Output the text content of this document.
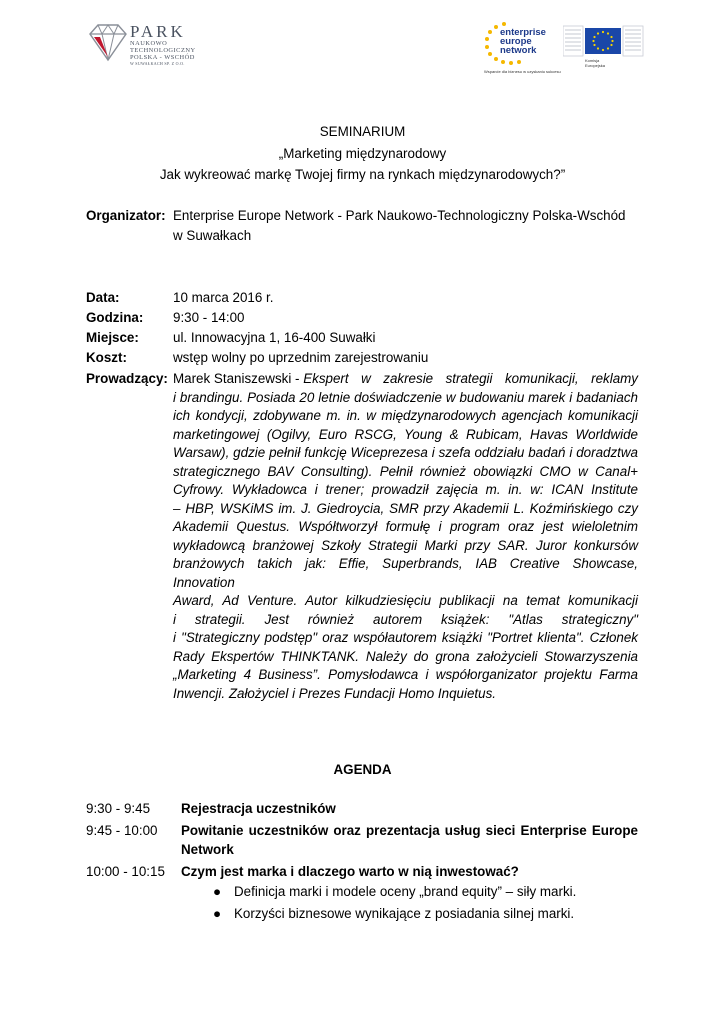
PARK
NAUKOWO
TECHNOLOGICZNY
POLSKA - WSCHÓD
W SUWAŁKACH SP. Z O.O.
enterprise
europe
network
Wsparcie dla biznesu w uzyskaniu sukcesu
Komisja
Europejska
SEMINARIUM
„Marketing międzynarodowy
Jak wykreować markę Twojej firmy na rynkach międzynarodowych?”
Organizator: Enterprise Europe Network - Park Naukowo-Technologiczny Polska-Wschód
w Suwałkach
Data:	10 marca 2016 r.
Godzina: 9:30 - 14:00
Miejsce:	ul. Innowacyjna 1, 16-400 Suwałki
Koszt:	wstęp wolny po uprzednim zarejestrowaniu
Prowadzący: Marek Staniszewski - Ekspert w zakresie strategii komunikacji, reklamy
i brandingu. Posiada 20 letnie doświadczenie w budowaniu marek i badaniach
ich kondycji, zdobywane m. in. w międzynarodowych agencjach komunikacji
marketingowej (Ogilvy, Euro RSCG, Young & Rubicam, Havas Worldwide
Warsaw), gdzie pełnił funkcję Wiceprezesa i szefa oddziału badań i doradztwa
strategicznego BAV Consulting). Pełnił również obowiązki CMO w Canal+
Cyfrowy. Wykładowca i trener; prowadził zajęcia m. in. w: ICAN Institute
– HBP, WSKiMS im. J. Giedroycia, SMR przy Akademii L. Koźmińskiego czy
Akademii Questus. Współtworzył formułę i program oraz jest wieloletnim
wykładowcą branżowej Szkoły Strategii Marki przy SAR. Juror konkursów
branżowych takich jak: Effie, Superbrands, IAB Creative Showcase, Innovation
Award, Ad Venture. Autor kilkudziesięciu publikacji na temat komunikacji
i strategii. Jest również autorem książek: "Atlas strategiczny"
i "Strategiczny podstęp" oraz współautorem książki "Portret klienta". Członek
Rady Ekspertów THINKTANK. Należy do grona założycieli Stowarzyszenia
„Marketing 4 Business”. Pomysłodawca i współorganizator projektu Farma
Inwencji. Założyciel i Prezes Fundacji Homo Inquietus.
AGENDA
9:30 - 9:45 Rejestracja uczestników
9:45 - 10:00 Powitanie uczestników oraz prezentacja usług sieci Enterprise Europe
Network
10:00 - 10:15 Czym jest marka i dlaczego warto w nią inwestować?
● Definicja marki i modele oceny „brand equity” – siły marki.
● Korzyści biznesowe wynikające z posiadania silnej marki.
